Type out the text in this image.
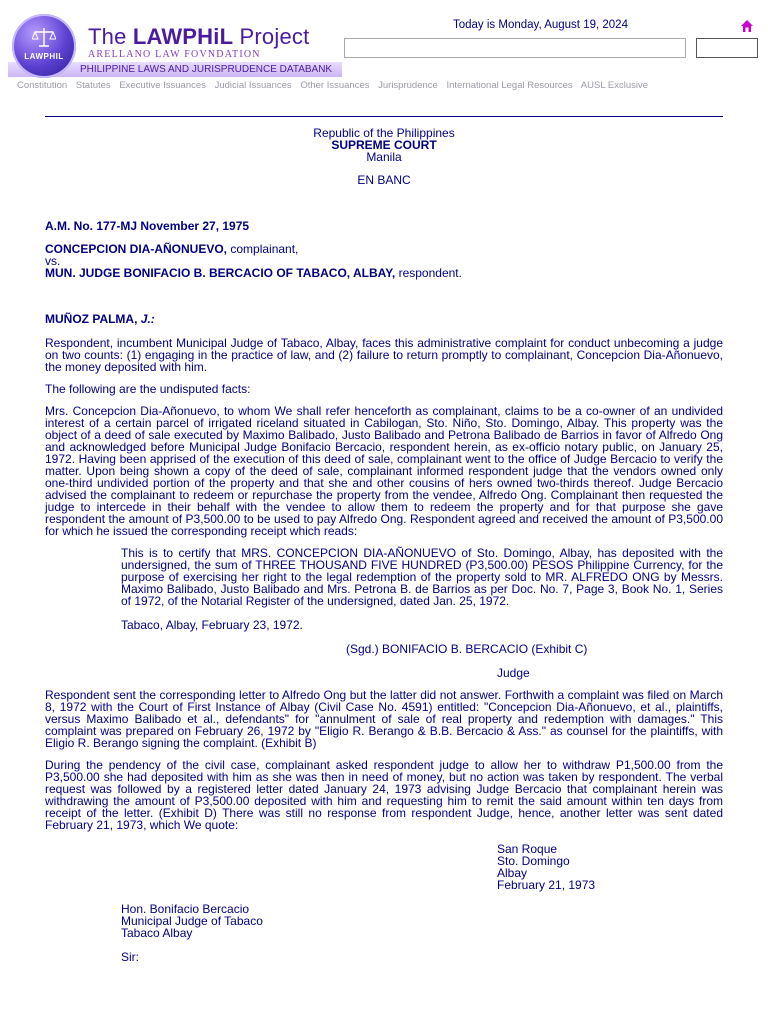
LAWPHIL
The LAWPHiL Project
ARELLANO LAW FOVNDATION
PHILIPPINE LAWS AND JURISPRUDENCE DATABANK
Today is Monday, August 19, 2024
Constitution Statutes Executive Issuances Judicial Issuances Other Issuances Jurisprudence International Legal Resources AUSL Exclusive

Republic of the Philippines

SUPREME COURT

Manila

EN BANC

A.M. No. 177-MJ November 27, 1975

CONCEPCION DIA-AÑONUEVO, complainant,

vs.

MUN. JUDGE BONIFACIO B. BERCACIO OF TABACO, ALBAY, respondent.

MUÑOZ PALMA, J.:

Respondent, incumbent Municipal Judge of Tabaco, Albay, faces this administrative complaint for conduct unbecoming a judge on two counts: (1) engaging in the practice of law, and (2) failure to return promptly to complainant, Concepcion Dia-Añonuevo, the money deposited with him.

The following are the undisputed facts:

Mrs. Concepcion Dia-Añonuevo, to whom We shall refer henceforth as complainant, claims to be a co-owner of an undivided interest of a certain parcel of irrigated riceland situated in Cabilogan, Sto. Niño, Sto. Domingo, Albay. This property was the object of a deed of sale executed by Maximo Balibado, Justo Balibado and Petrona Balibado de Barrios in favor of Alfredo Ong and acknowledged before Municipal Judge Bonifacio Bercacio, respondent herein, as ex-officio notary public, on January 25, 1972. Having been apprised of the execution of this deed of sale, complainant went to the office of Judge Bercacio to verify the matter. Upon being shown a copy of the deed of sale, complainant informed respondent judge that the vendors owned only one-third undivided portion of the property and that she and other cousins of hers owned two-thirds thereof. Judge Bercacio advised the complainant to redeem or repurchase the property from the vendee, Alfredo Ong. Complainant then requested the judge to intercede in their behalf with the vendee to allow them to redeem the property and for that purpose she gave respondent the amount of P3,500.00 to be used to pay Alfredo Ong. Respondent agreed and received the amount of P3,500.00 for which he issued the corresponding receipt which reads:

This is to certify that MRS. CONCEPCION DIA-AÑONUEVO of Sto. Domingo, Albay, has deposited with the undersigned, the sum of THREE THOUSAND FIVE HUNDRED (P3,500.00) PESOS Philippine Currency, for the purpose of exercising her right to the legal redemption of the property sold to MR. ALFREDO ONG by Messrs. Maximo Balibado, Justo Balibado and Mrs. Petrona B. de Barrios as per Doc. No. 7, Page 3, Book No. 1, Series of 1972, of the Notarial Register of the undersigned, dated Jan. 25, 1972.

Tabaco, Albay, February 23, 1972.

(Sgd.) BONIFACIO B. BERCACIO (Exhibit C)

Judge

Respondent sent the corresponding letter to Alfredo Ong but the latter did not answer. Forthwith a complaint was filed on March 8, 1972 with the Court of First Instance of Albay (Civil Case No. 4591) entitled: "Concepcion Dia-Añonuevo, et al., plaintiffs, versus Maximo Balibado et al., defendants" for "annulment of sale of real property and redemption with damages." This complaint was prepared on February 26, 1972 by "Eligio R. Berango & B.B. Bercacio & Ass." as counsel for the plaintiffs, with Eligio R. Berango signing the complaint. (Exhibit B)

During the pendency of the civil case, complainant asked respondent judge to allow her to withdraw P1,500.00 from the P3,500.00 she had deposited with him as she was then in need of money, but no action was taken by respondent. The verbal request was followed by a registered letter dated January 24, 1973 advising Judge Bercacio that complainant herein was withdrawing the amount of P3,500.00 deposited with him and requesting him to remit the said amount within ten days from receipt of the letter. (Exhibit D) There was still no response from respondent Judge, hence, another letter was sent dated February 21, 1973, which We quote:

San Roque

Sto. Domingo

Albay

February 21, 1973

Hon. Bonifacio Bercacio

Municipal Judge of Tabaco

Tabaco Albay

Sir:
